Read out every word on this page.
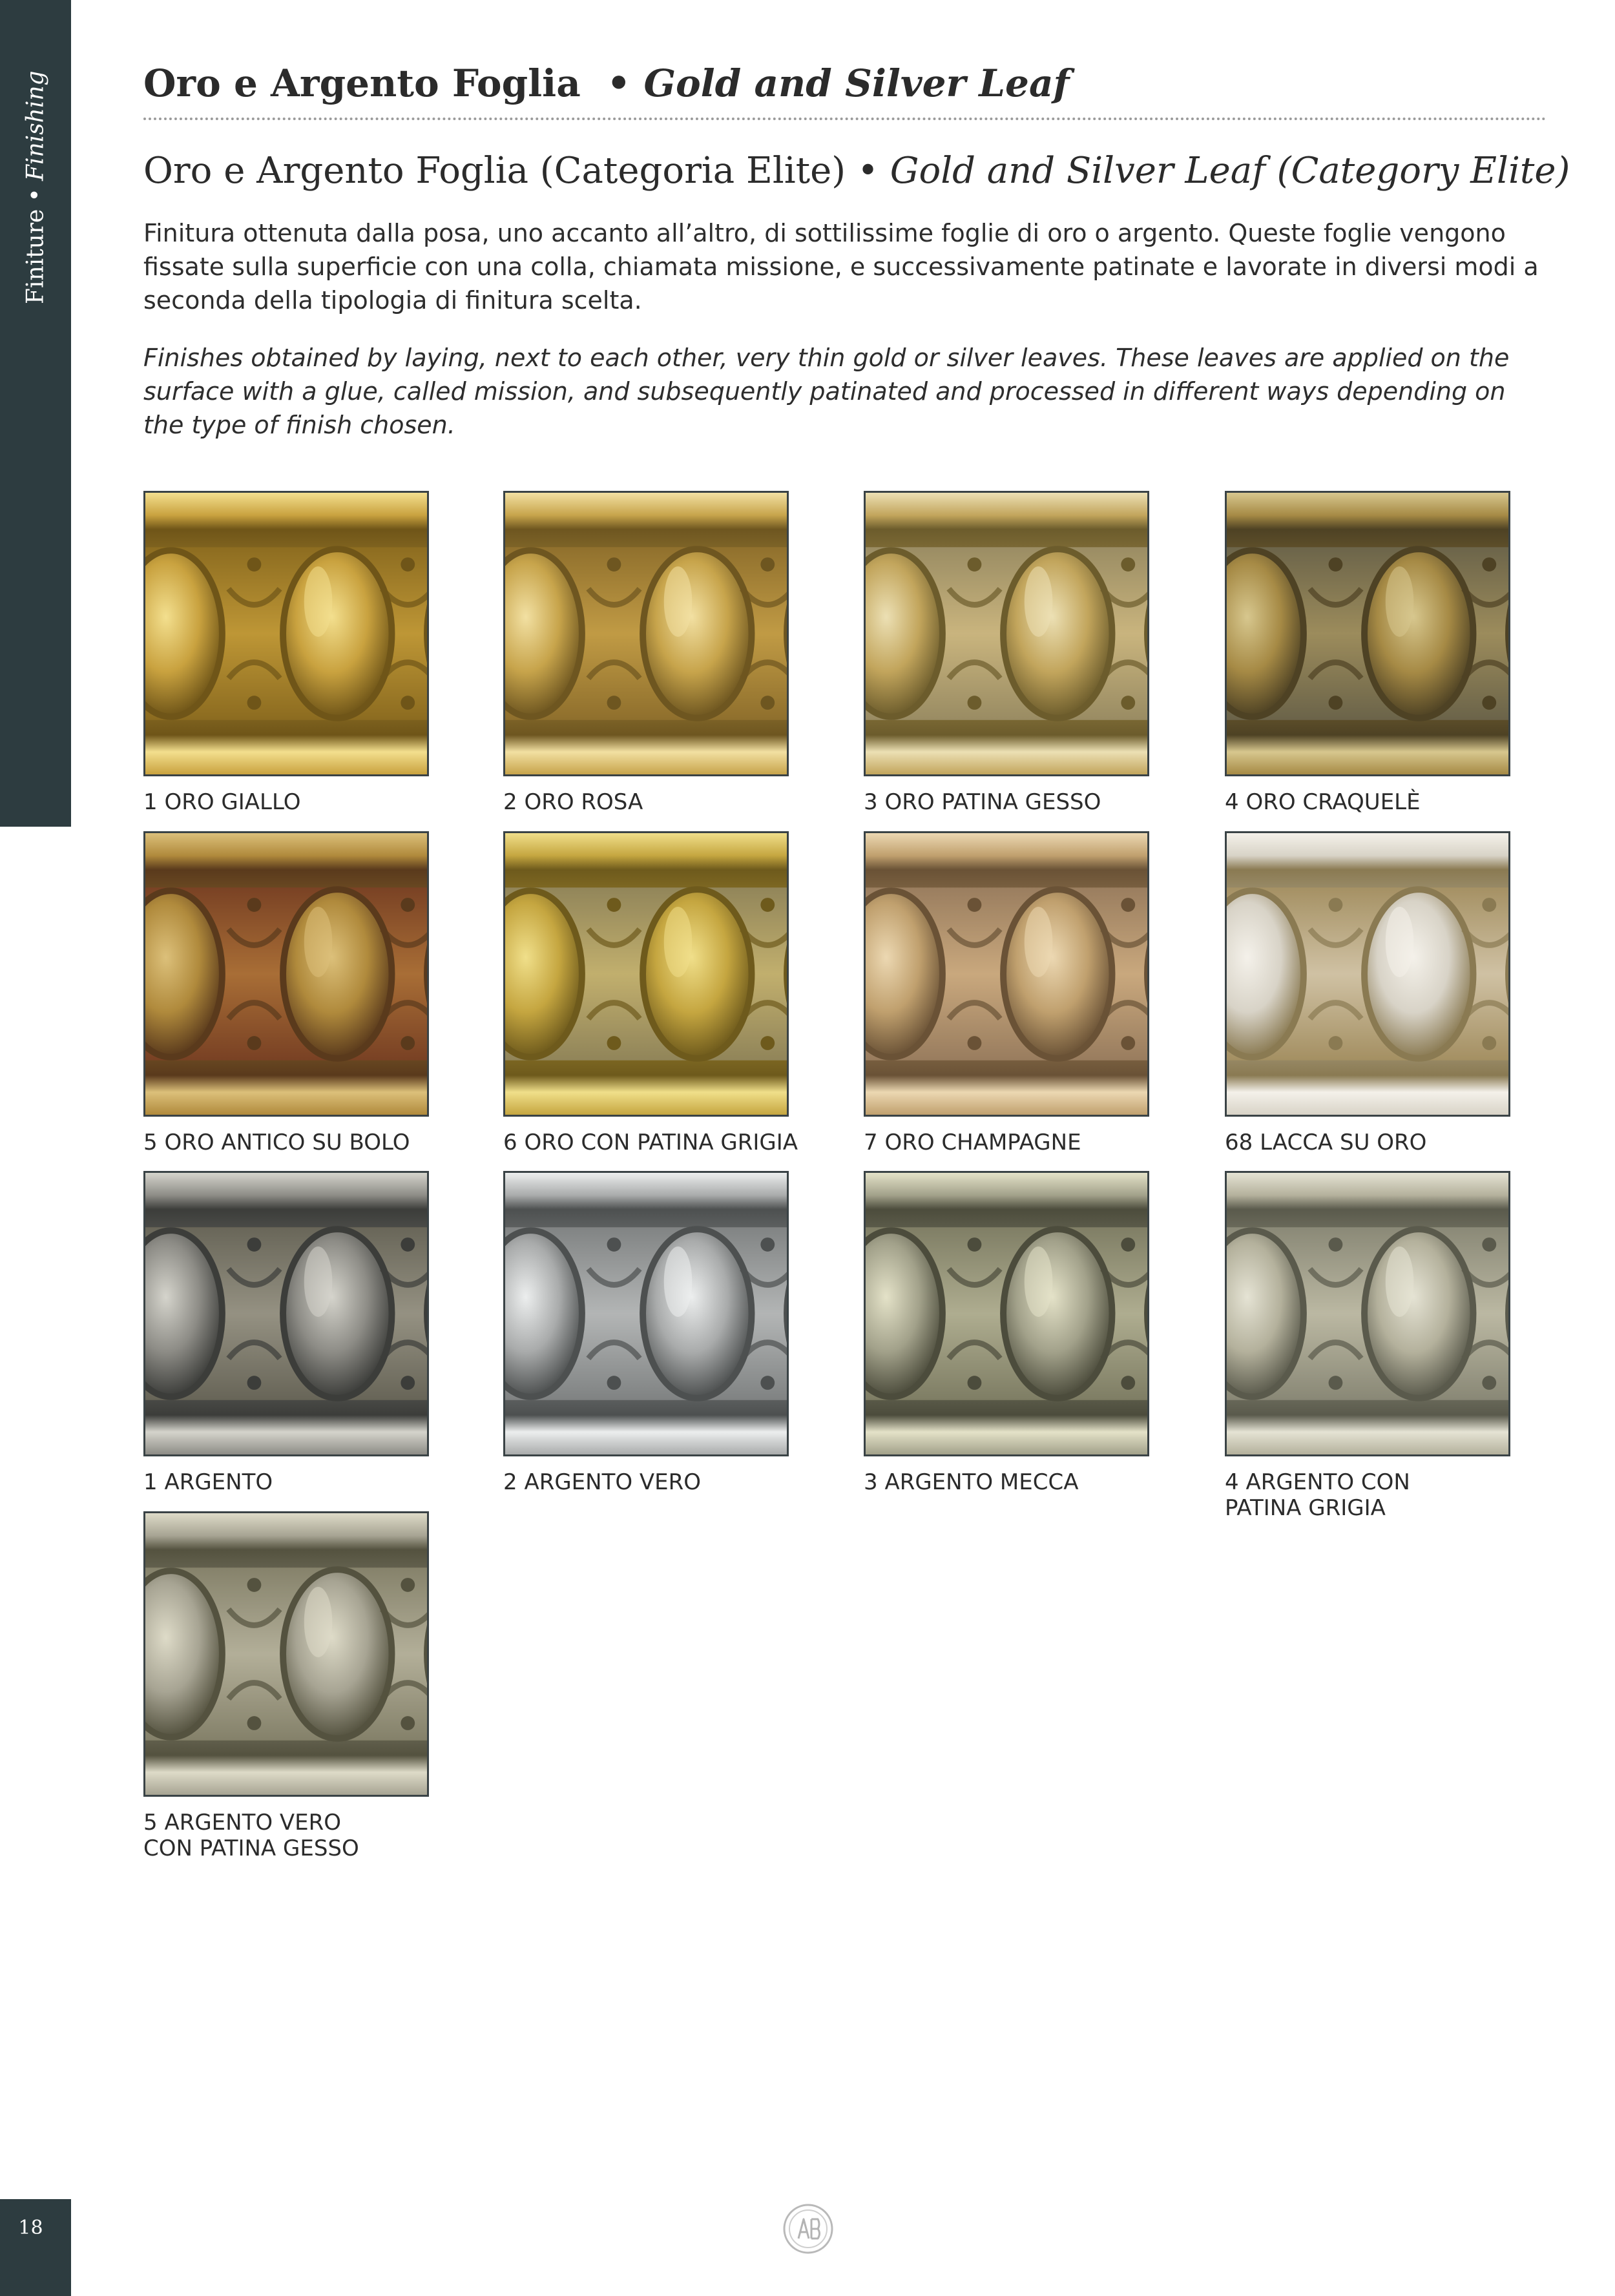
Finiture
•
Finishing
18
Oro e Argento Foglia  • Gold and Silver Leaf
Oro e Argento Foglia (Categoria Elite) • Gold and Silver Leaf (Category Elite)

Finitura ottenuta dalla posa, uno accanto all’altro, di sottilissime foglie di oro o argento. Queste foglie vengono fissate sulla superficie con una colla, chiamata missione, e successivamente patinate e lavorate in diversi modi a seconda della tipologia di finitura scelta.

Finishes obtained by laying, next to each other, very thin gold or silver leaves. These leaves are applied on the surface with a glue, called mission, and subsequently patinated and processed in different ways depending on the type of finish chosen.

1 ORO GIALLO	2 ORO ROSA	3 ORO PATINA GESSO	4 ORO CRAQUELÈ
5 ORO ANTICO SU BOLO	6 ORO CON PATINA GRIGIA	7 ORO CHAMPAGNE	68 LACCA SU ORO
1 ARGENTO	2 ARGENTO VERO	3 ARGENTO MECCA	4 ARGENTO CON
PATINA GRIGIA
5 ARGENTO VERO
CON PATINA GESSO
